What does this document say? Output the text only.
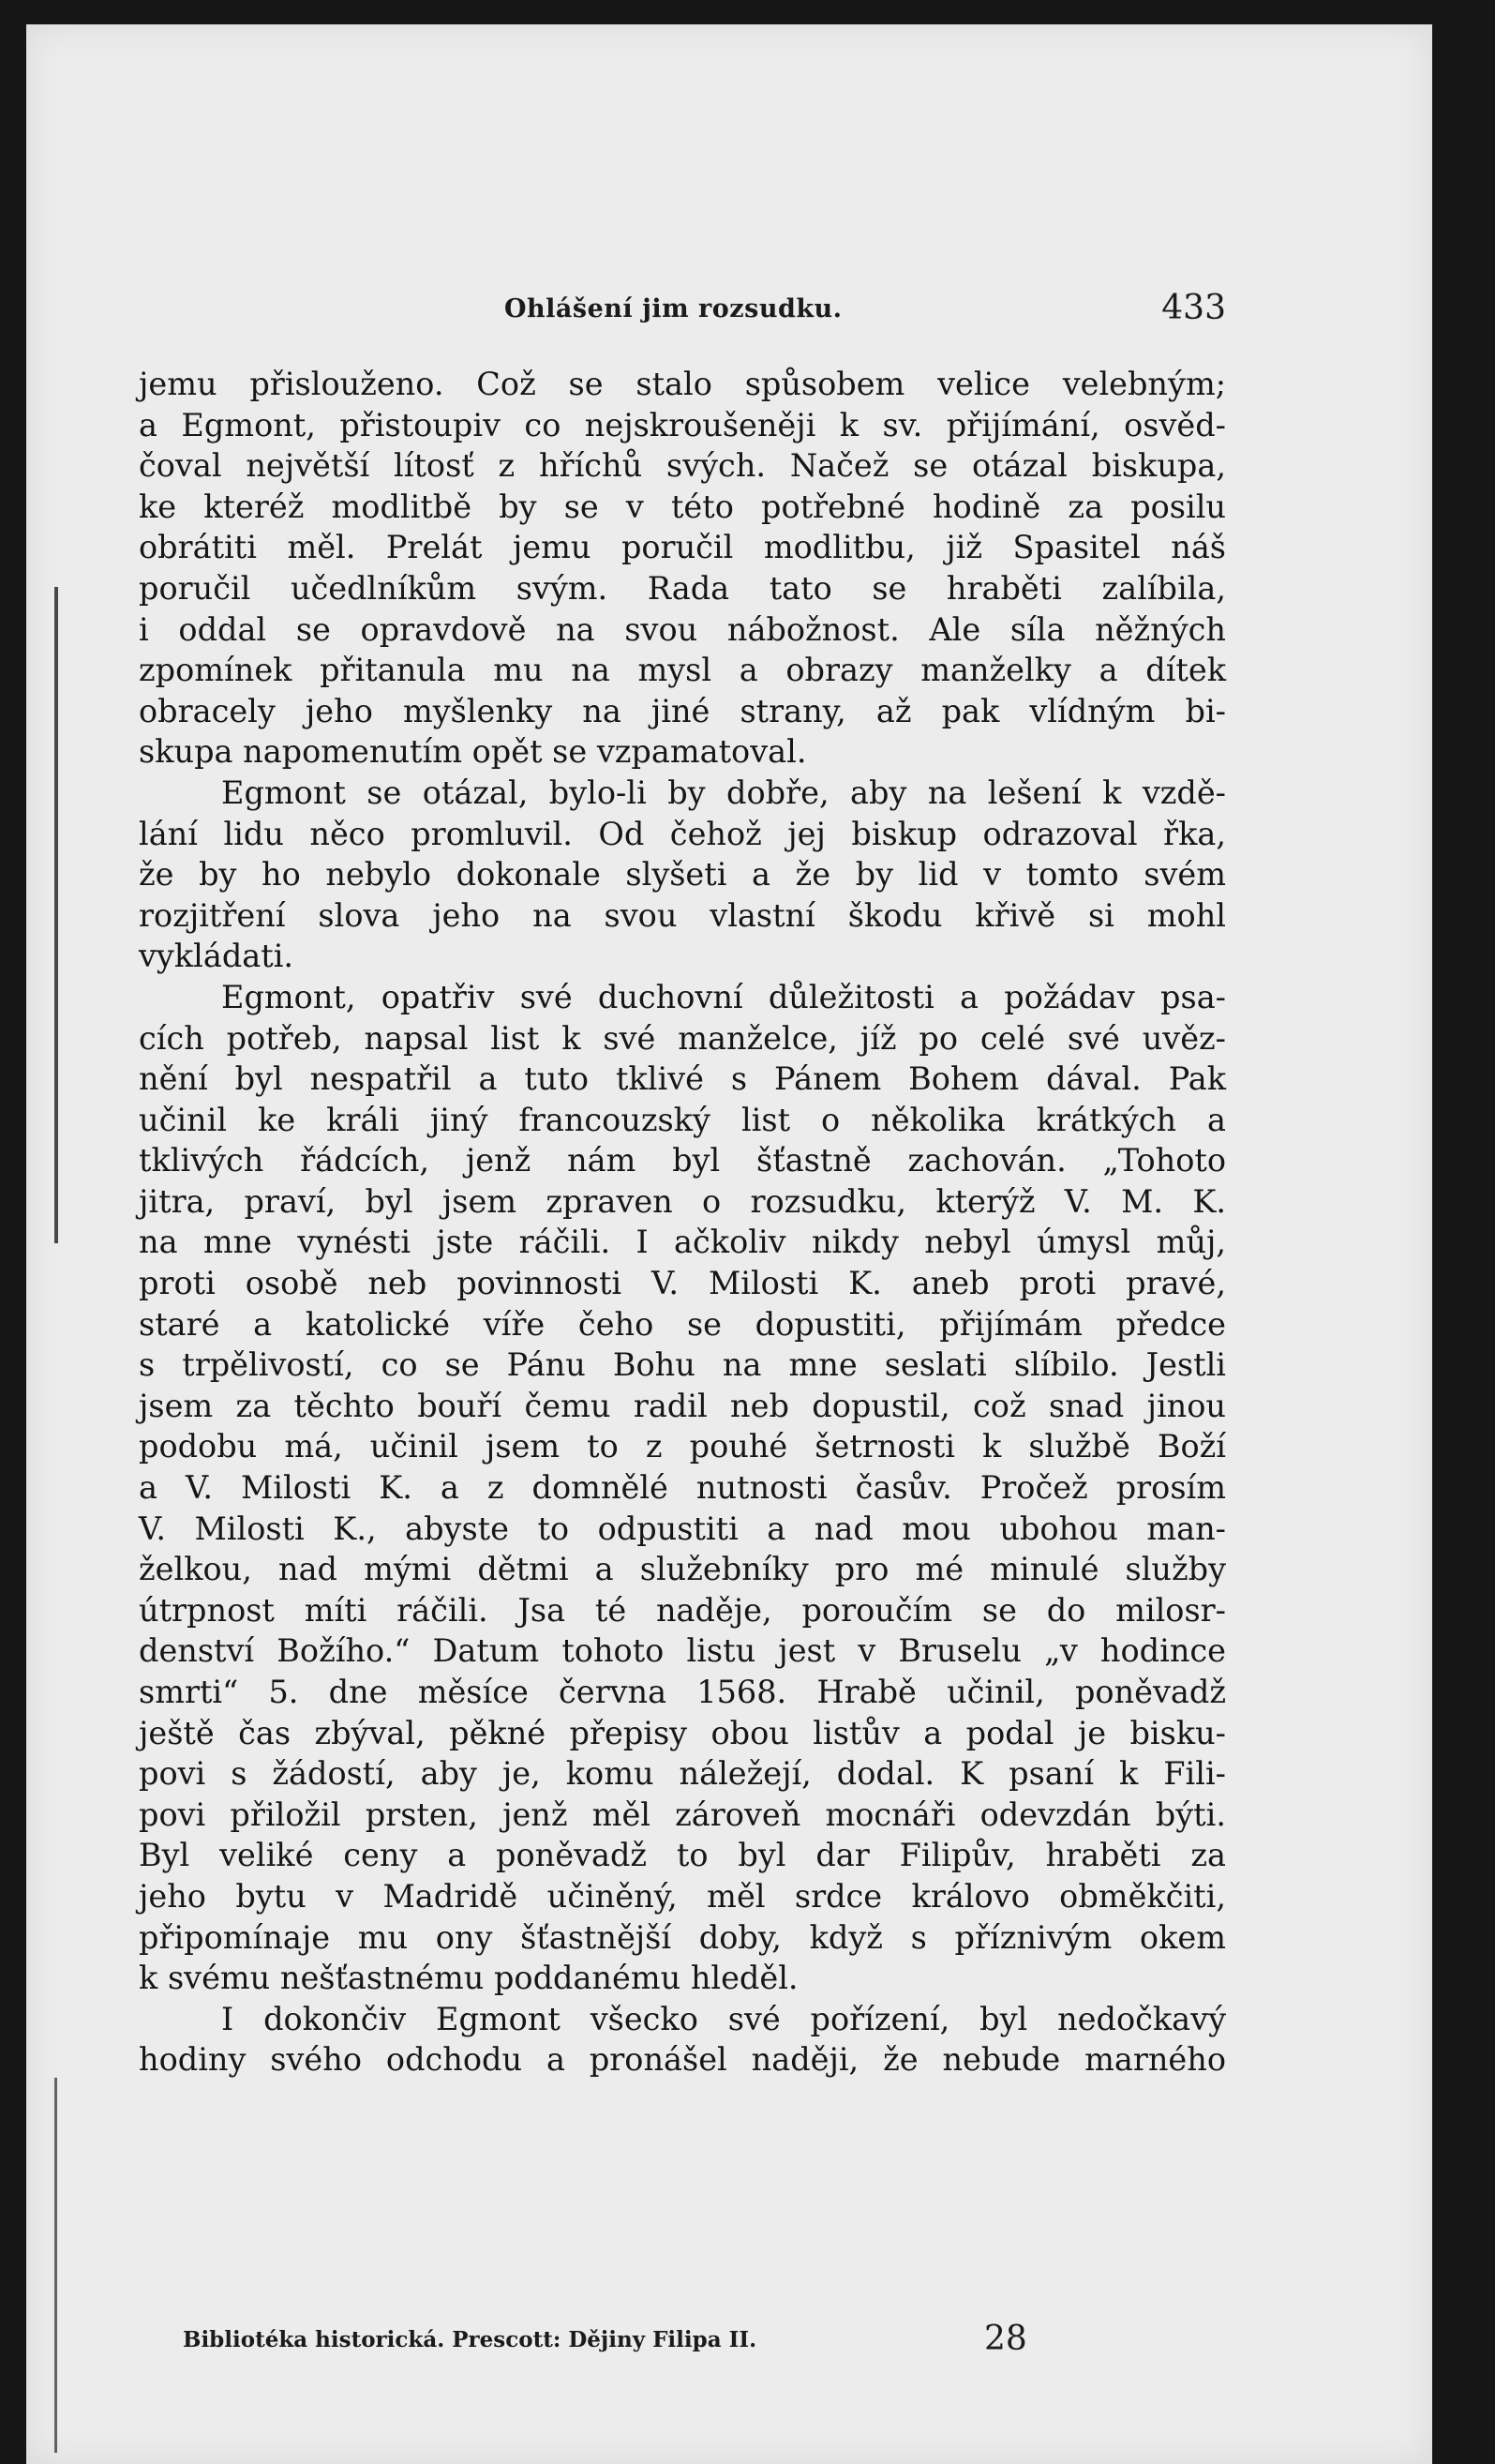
Ohlášení jim rozsudku.	433
jemu přislouženo. Což se stalo spůsobem velice velebným;
a Egmont, přistoupiv co nejskroušeněji k sv. přijímání, osvěd-
čoval největší lítosť z hříchů svých. Načež se otázal biskupa,
ke kteréž modlitbě by se v této potřebné hodině za posilu
obrátiti měl. Prelát jemu poručil modlitbu, již Spasitel náš
poručil učedlníkům svým. Rada tato se hraběti zalíbila,
i oddal se opravdově na svou nábožnost. Ale síla něžných
zpomínek přitanula mu na mysl a obrazy manželky a dítek
obracely jeho myšlenky na jiné strany, až pak vlídným bi-
skupa napomenutím opět se vzpamatoval.
Egmont se otázal, bylo-li by dobře, aby na lešení k vzdě-
lání lidu něco promluvil. Od čehož jej biskup odrazoval řka,
že by ho nebylo dokonale slyšeti a že by lid v tomto svém
rozjitření slova jeho na svou vlastní škodu křivě si mohl
vykládati.
Egmont, opatřiv své duchovní důležitosti a požádav psa-
cích potřeb, napsal list k své manželce, jíž po celé své uvěz-
nění byl nespatřil a tuto tklivé s Pánem Bohem dával. Pak
učinil ke králi jiný francouzský list o několika krátkých a
tklivých řádcích, jenž nám byl šťastně zachován. „Tohoto
jitra, praví, byl jsem zpraven o rozsudku, kterýž V. M. K.
na mne vynésti jste ráčili. I ačkoliv nikdy nebyl úmysl můj,
proti osobě neb povinnosti V. Milosti K. aneb proti pravé,
staré a katolické víře čeho se dopustiti, přijímám předce
s trpělivostí, co se Pánu Bohu na mne seslati slíbilo. Jestli
jsem za těchto bouří čemu radil neb dopustil, což snad jinou
podobu má, učinil jsem to z pouhé šetrnosti k službě Boží
a V. Milosti K. a z domnělé nutnosti časův. Pročež prosím
V. Milosti K., abyste to odpustiti a nad mou ubohou man-
želkou, nad mými dětmi a služebníky pro mé minulé služby
útrpnost míti ráčili. Jsa té naděje, poroučím se do milosr-
denství Božího.“ Datum tohoto listu jest v Bruselu „v hodince
smrti“ 5. dne měsíce června 1568. Hrabě učinil, poněvadž
ještě čas zbýval, pěkné přepisy obou listův a podal je bisku-
povi s žádostí, aby je, komu náležejí, dodal. K psaní k Fili-
povi přiložil prsten, jenž měl zároveň mocnáři odevzdán býti.
Byl veliké ceny a poněvadž to byl dar Filipův, hraběti za
jeho bytu v Madridě učiněný, měl srdce královo obměkčiti,
připomínaje mu ony šťastnější doby, když s příznivým okem
k svému nešťastnému poddanému hleděl.
I dokončiv Egmont všecko své pořízení, byl nedočkavý
hodiny svého odchodu a pronášel naději, že nebude marného
Bibliotéka historická. Prescott: Dějiny Filipa II.	28
